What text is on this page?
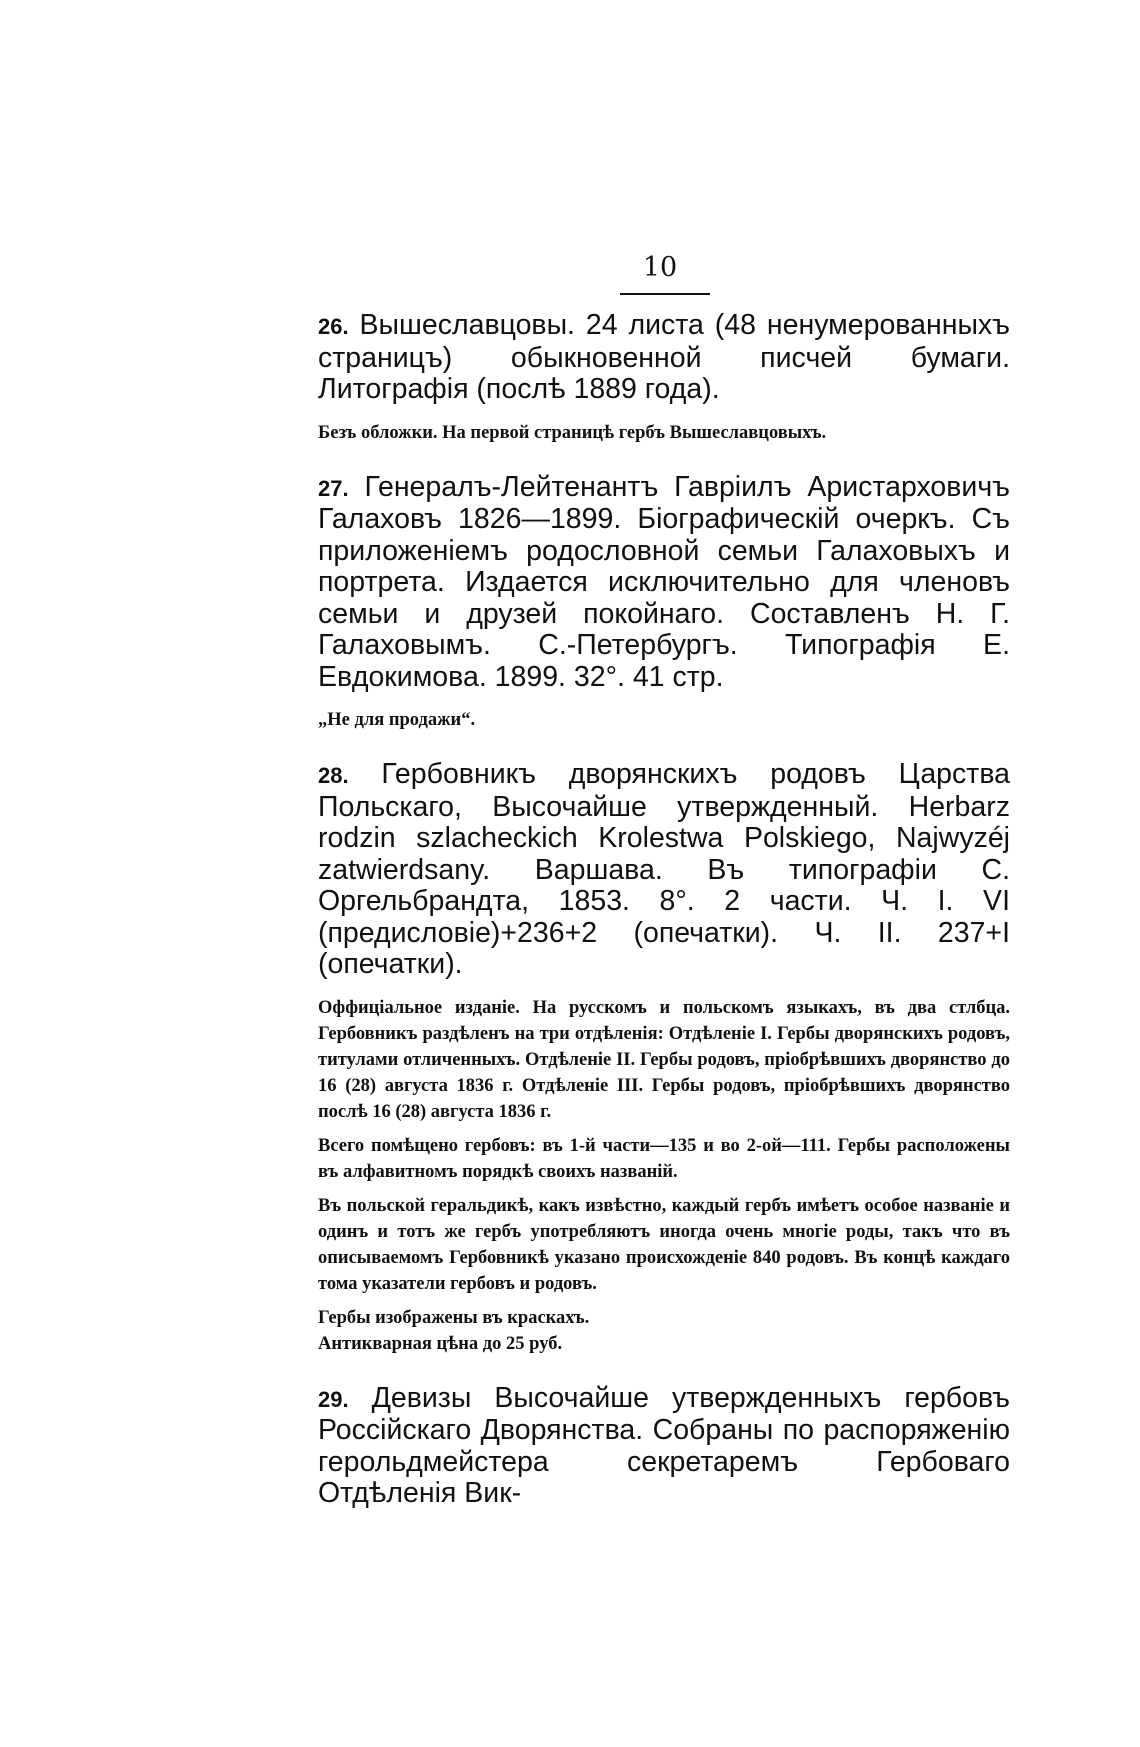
10

26. Вышеславцовы. 24 листа (48 ненумерованныхъ страницъ) обыкновенной писчей бумаги. Литографія (послѣ 1889 года).

Безъ обложки. На первой страницѣ гербъ Вышеславцовыхъ.

27. Генералъ-Лейтенантъ Гавріилъ Аристарховичъ Галаховъ 1826—1899. Біографическій очеркъ. Съ приложеніемъ родословной семьи Галаховыхъ и портрета. Издается исключительно для членовъ семьи и друзей покойнаго. Составленъ Н. Г. Галаховымъ. С.-Петербургъ. Типографія Е. Евдокимова. 1899. 32°. 41 стр.

„Не для продажи“.

28. Гербовникъ дворянскихъ родовъ Царства Польскаго, Высочайше утвержденный. Herbarz rodzin szlacheckich Krolestwa Polskiego, Najwyzéj zatwierdsany. Варшава. Въ типографіи С. Оргельбрандта, 1853. 8°. 2 части. Ч. I. VI (предисловіе)+236+2 (опечатки). Ч. II. 237+I (опечатки).

Оффиціальное изданіе. На русскомъ и польскомъ языкахъ, въ два стлбца. Гербовникъ раздѣленъ на три отдѣленія: Отдѣленіе I. Гербы дворянскихъ родовъ, титулами отличенныхъ. Отдѣленіе II. Гербы родовъ, пріобрѣвшихъ дворянство до 16 (28) августа 1836 г. Отдѣленіе III. Гербы родовъ, пріобрѣвшихъ дворянство послѣ 16 (28) августа 1836 г.

Всего помѣщено гербовъ: въ 1-й части—135 и во 2-ой—111. Гербы расположены въ алфавитномъ порядкѣ своихъ названій.

Въ польской геральдикѣ, какъ извѣстно, каждый гербъ имѣетъ особое названіе и одинъ и тотъ же гербъ употребляютъ иногда очень многіе роды, такъ что въ описываемомъ Гербовникѣ указано происхожденіе 840 родовъ. Въ концѣ каждаго тома указатели гербовъ и родовъ.

Гербы изображены въ краскахъ.

Антикварная цѣна до 25 руб.

29. Девизы Высочайше утвержденныхъ гербовъ Россійскаго Дворянства. Собраны по распоряженію герольдмейстера секретаремъ Гербоваго Отдѣленія Вик-
